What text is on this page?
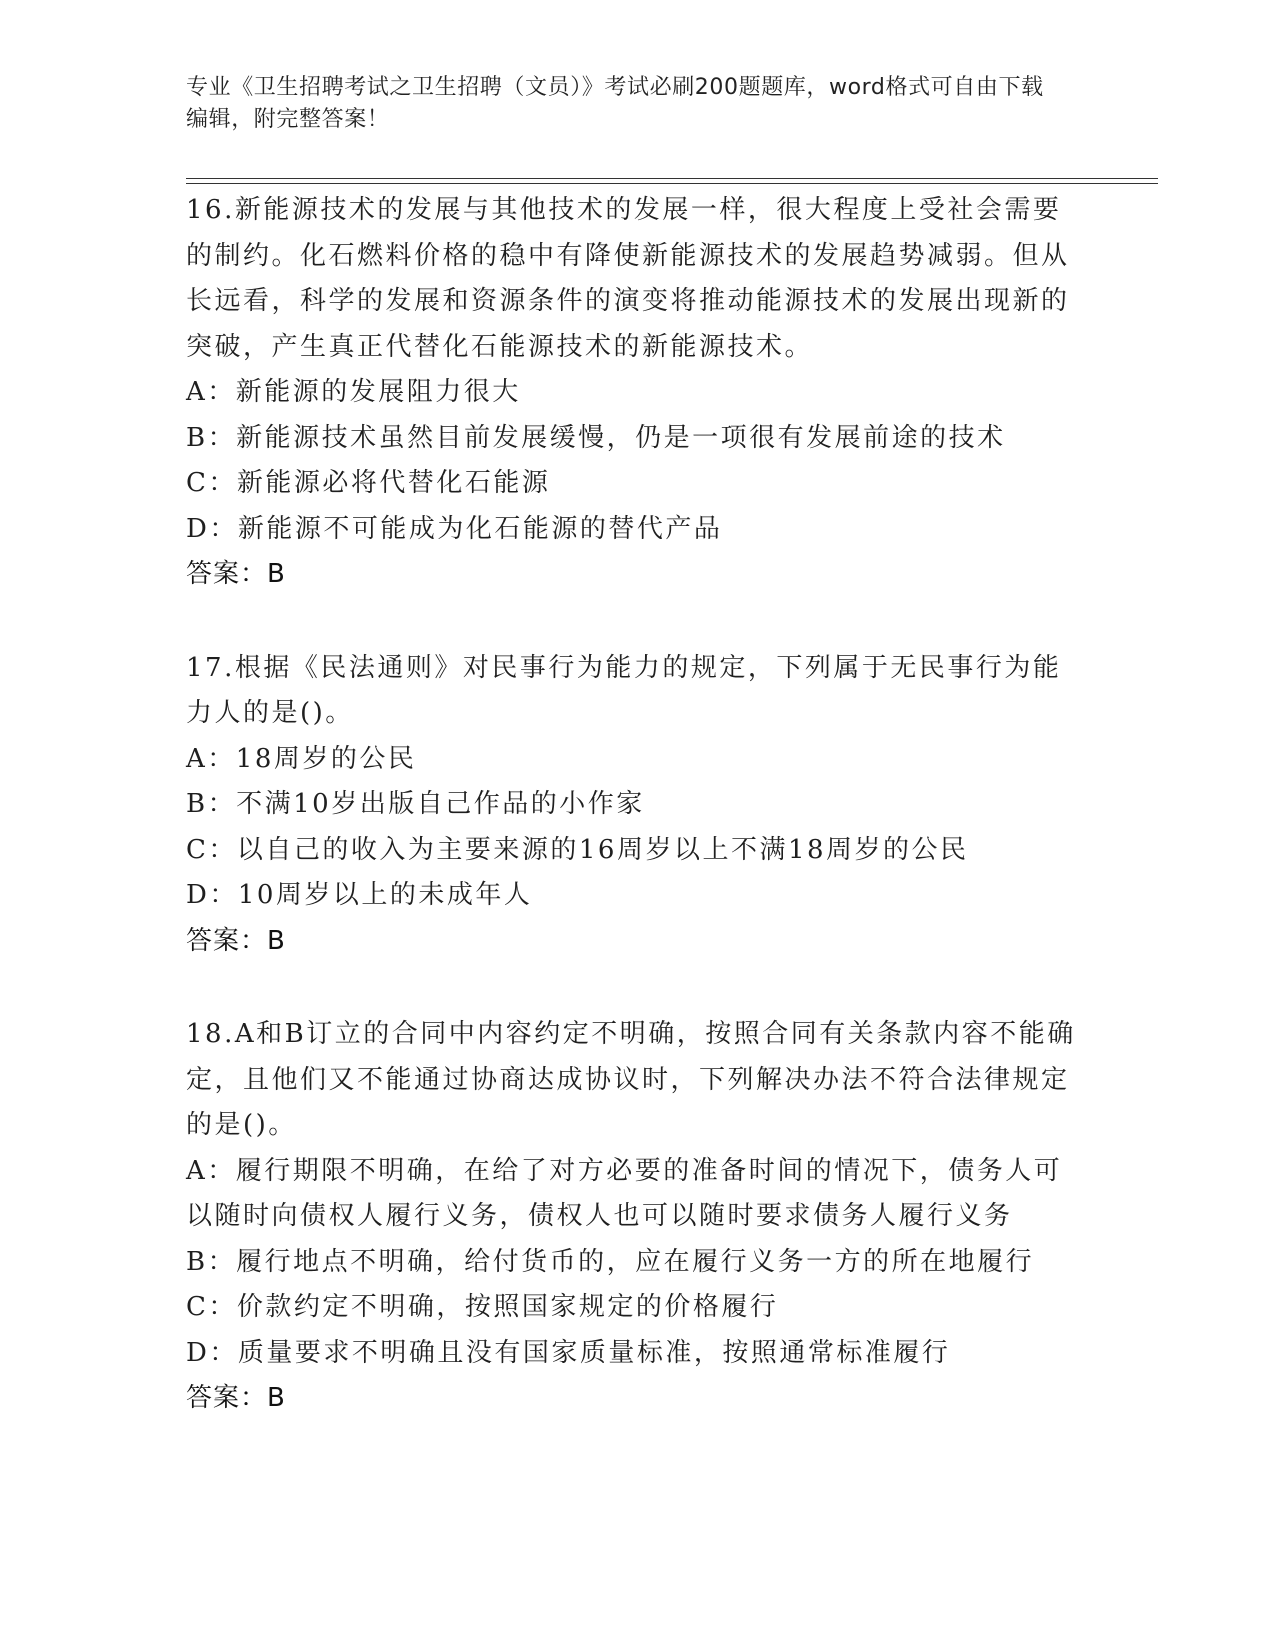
专业《卫生招聘考试之卫生招聘（文员）》考试必刷200题题库，word格式可自由下载编辑，附完整答案！
16.新能源技术的发展与其他技术的发展一样，很大程度上受社会需要的制约。化石燃料价格的稳中有降使新能源技术的发展趋势减弱。但从长远看，科学的发展和资源条件的演变将推动能源技术的发展出现新的突破，产生真正代替化石能源技术的新能源技术。
A：新能源的发展阻力很大
B：新能源技术虽然目前发展缓慢，仍是一项很有发展前途的技术
C：新能源必将代替化石能源
D：新能源不可能成为化石能源的替代产品
答案：B
17.根据《民法通则》对民事行为能力的规定，下列属于无民事行为能力人的是()。
A：18周岁的公民
B：不满10岁出版自己作品的小作家
C：以自己的收入为主要来源的16周岁以上不满18周岁的公民
D：10周岁以上的未成年人
答案：B
18.A和B订立的合同中内容约定不明确，按照合同有关条款内容不能确定，且他们又不能通过协商达成协议时，下列解决办法不符合法律规定的是()。
A：履行期限不明确，在给了对方必要的准备时间的情况下，债务人可以随时向债权人履行义务，债权人也可以随时要求债务人履行义务
B：履行地点不明确，给付货币的，应在履行义务一方的所在地履行
C：价款约定不明确，按照国家规定的价格履行
D：质量要求不明确且没有国家质量标准，按照通常标准履行
答案：B
